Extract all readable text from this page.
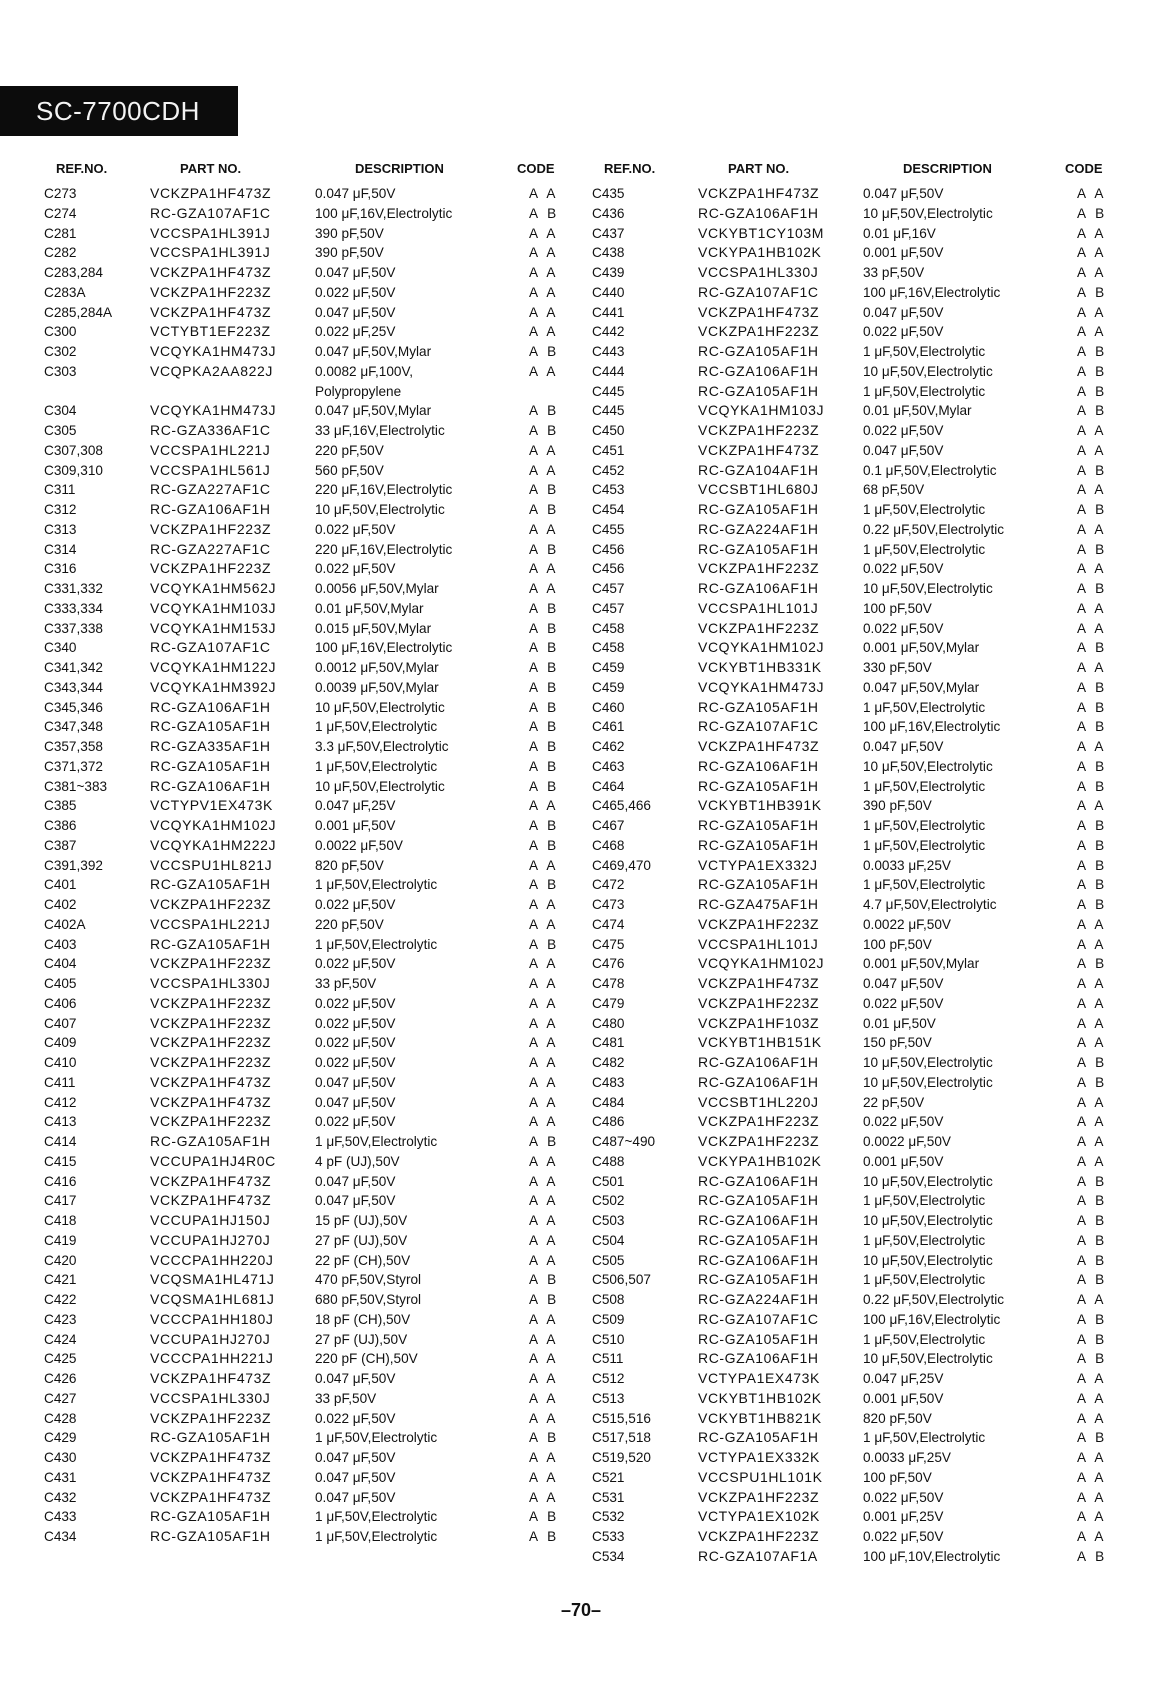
SC-7700CDH
REF.NO.	PART NO.	DESCRIPTION	CODE
C273	VCKZPA1HF473Z	0.047 μF,50V	A A
C274	RC-GZA107AF1C	100 μF,16V,Electrolytic	A B
C281	VCCSPA1HL391J	390 pF,50V	A A
C282	VCCSPA1HL391J	390 pF,50V	A A
C283,284	VCKZPA1HF473Z	0.047 μF,50V	A A
C283A	VCKZPA1HF223Z	0.022 μF,50V	A A
C285,284A	VCKZPA1HF473Z	0.047 μF,50V	A A
C300	VCTYBT1EF223Z	0.022 μF,25V	A A
C302	VCQYKA1HM473J	0.047 μF,50V,Mylar	A B
C303	VCQPKA2AA822J	0.0082 μF,100V,	A A
Polypropylene
C304	VCQYKA1HM473J	0.047 μF,50V,Mylar	A B
C305	RC-GZA336AF1C	33 μF,16V,Electrolytic	A B
C307,308	VCCSPA1HL221J	220 pF,50V	A A
C309,310	VCCSPA1HL561J	560 pF,50V	A A
C311	RC-GZA227AF1C	220 μF,16V,Electrolytic	A B
C312	RC-GZA106AF1H	10 μF,50V,Electrolytic	A B
C313	VCKZPA1HF223Z	0.022 μF,50V	A A
C314	RC-GZA227AF1C	220 μF,16V,Electrolytic	A B
C316	VCKZPA1HF223Z	0.022 μF,50V	A A
C331,332	VCQYKA1HM562J	0.0056 μF,50V,Mylar	A A
C333,334	VCQYKA1HM103J	0.01 μF,50V,Mylar	A B
C337,338	VCQYKA1HM153J	0.015 μF,50V,Mylar	A B
C340	RC-GZA107AF1C	100 μF,16V,Electrolytic	A B
C341,342	VCQYKA1HM122J	0.0012 μF,50V,Mylar	A B
C343,344	VCQYKA1HM392J	0.0039 μF,50V,Mylar	A B
C345,346	RC-GZA106AF1H	10 μF,50V,Electrolytic	A B
C347,348	RC-GZA105AF1H	1 μF,50V,Electrolytic	A B
C357,358	RC-GZA335AF1H	3.3 μF,50V,Electrolytic	A B
C371,372	RC-GZA105AF1H	1 μF,50V,Electrolytic	A B
C381~383	RC-GZA106AF1H	10 μF,50V,Electrolytic	A B
C385	VCTYPV1EX473K	0.047 μF,25V	A A
C386	VCQYKA1HM102J	0.001 μF,50V	A B
C387	VCQYKA1HM222J	0.0022 μF,50V	A B
C391,392	VCCSPU1HL821J	820 pF,50V	A A
C401	RC-GZA105AF1H	1 μF,50V,Electrolytic	A B
C402	VCKZPA1HF223Z	0.022 μF,50V	A A
C402A	VCCSPA1HL221J	220 pF,50V	A A
C403	RC-GZA105AF1H	1 μF,50V,Electrolytic	A B
C404	VCKZPA1HF223Z	0.022 μF,50V	A A
C405	VCCSPA1HL330J	33 pF,50V	A A
C406	VCKZPA1HF223Z	0.022 μF,50V	A A
C407	VCKZPA1HF223Z	0.022 μF,50V	A A
C409	VCKZPA1HF223Z	0.022 μF,50V	A A
C410	VCKZPA1HF223Z	0.022 μF,50V	A A
C411	VCKZPA1HF473Z	0.047 μF,50V	A A
C412	VCKZPA1HF473Z	0.047 μF,50V	A A
C413	VCKZPA1HF223Z	0.022 μF,50V	A A
C414	RC-GZA105AF1H	1 μF,50V,Electrolytic	A B
C415	VCCUPA1HJ4R0C	4 pF (UJ),50V	A A
C416	VCKZPA1HF473Z	0.047 μF,50V	A A
C417	VCKZPA1HF473Z	0.047 μF,50V	A A
C418	VCCUPA1HJ150J	15 pF (UJ),50V	A A
C419	VCCUPA1HJ270J	27 pF (UJ),50V	A A
C420	VCCCPA1HH220J	22 pF (CH),50V	A A
C421	VCQSMA1HL471J	470 pF,50V,Styrol	A B
C422	VCQSMA1HL681J	680 pF,50V,Styrol	A B
C423	VCCCPA1HH180J	18 pF (CH),50V	A A
C424	VCCUPA1HJ270J	27 pF (UJ),50V	A A
C425	VCCCPA1HH221J	220 pF (CH),50V	A A
C426	VCKZPA1HF473Z	0.047 μF,50V	A A
C427	VCCSPA1HL330J	33 pF,50V	A A
C428	VCKZPA1HF223Z	0.022 μF,50V	A A
C429	RC-GZA105AF1H	1 μF,50V,Electrolytic	A B
C430	VCKZPA1HF473Z	0.047 μF,50V	A A
C431	VCKZPA1HF473Z	0.047 μF,50V	A A
C432	VCKZPA1HF473Z	0.047 μF,50V	A A
C433	RC-GZA105AF1H	1 μF,50V,Electrolytic	A B
C434	RC-GZA105AF1H	1 μF,50V,Electrolytic	A B
REF.NO.	PART NO.	DESCRIPTION	CODE
C435	VCKZPA1HF473Z	0.047 μF,50V	A A
C436	RC-GZA106AF1H	10 μF,50V,Electrolytic	A B
C437	VCKYBT1CY103M	0.01 μF,16V	A A
C438	VCKYPA1HB102K	0.001 μF,50V	A A
C439	VCCSPA1HL330J	33 pF,50V	A A
C440	RC-GZA107AF1C	100 μF,16V,Electrolytic	A B
C441	VCKZPA1HF473Z	0.047 μF,50V	A A
C442	VCKZPA1HF223Z	0.022 μF,50V	A A
C443	RC-GZA105AF1H	1 μF,50V,Electrolytic	A B
C444	RC-GZA106AF1H	10 μF,50V,Electrolytic	A B
C445	RC-GZA105AF1H	1 μF,50V,Electrolytic	A B
C445	VCQYKA1HM103J	0.01 μF,50V,Mylar	A B
C450	VCKZPA1HF223Z	0.022 μF,50V	A A
C451	VCKZPA1HF473Z	0.047 μF,50V	A A
C452	RC-GZA104AF1H	0.1 μF,50V,Electrolytic	A B
C453	VCCSBT1HL680J	68 pF,50V	A A
C454	RC-GZA105AF1H	1 μF,50V,Electrolytic	A B
C455	RC-GZA224AF1H	0.22 μF,50V,Electrolytic	A A
C456	RC-GZA105AF1H	1 μF,50V,Electrolytic	A B
C456	VCKZPA1HF223Z	0.022 μF,50V	A A
C457	RC-GZA106AF1H	10 μF,50V,Electrolytic	A B
C457	VCCSPA1HL101J	100 pF,50V	A A
C458	VCKZPA1HF223Z	0.022 μF,50V	A A
C458	VCQYKA1HM102J	0.001 μF,50V,Mylar	A B
C459	VCKYBT1HB331K	330 pF,50V	A A
C459	VCQYKA1HM473J	0.047 μF,50V,Mylar	A B
C460	RC-GZA105AF1H	1 μF,50V,Electrolytic	A B
C461	RC-GZA107AF1C	100 μF,16V,Electrolytic	A B
C462	VCKZPA1HF473Z	0.047 μF,50V	A A
C463	RC-GZA106AF1H	10 μF,50V,Electrolytic	A B
C464	RC-GZA105AF1H	1 μF,50V,Electrolytic	A B
C465,466	VCKYBT1HB391K	390 pF,50V	A A
C467	RC-GZA105AF1H	1 μF,50V,Electrolytic	A B
C468	RC-GZA105AF1H	1 μF,50V,Electrolytic	A B
C469,470	VCTYPA1EX332J	0.0033 μF,25V	A B
C472	RC-GZA105AF1H	1 μF,50V,Electrolytic	A B
C473	RC-GZA475AF1H	4.7 μF,50V,Electrolytic	A B
C474	VCKZPA1HF223Z	0.0022 μF,50V	A A
C475	VCCSPA1HL101J	100 pF,50V	A A
C476	VCQYKA1HM102J	0.001 μF,50V,Mylar	A B
C478	VCKZPA1HF473Z	0.047 μF,50V	A A
C479	VCKZPA1HF223Z	0.022 μF,50V	A A
C480	VCKZPA1HF103Z	0.01 μF,50V	A A
C481	VCKYBT1HB151K	150 pF,50V	A A
C482	RC-GZA106AF1H	10 μF,50V,Electrolytic	A B
C483	RC-GZA106AF1H	10 μF,50V,Electrolytic	A B
C484	VCCSBT1HL220J	22 pF,50V	A A
C486	VCKZPA1HF223Z	0.022 μF,50V	A A
C487~490	VCKZPA1HF223Z	0.0022 μF,50V	A A
C488	VCKYPA1HB102K	0.001 μF,50V	A A
C501	RC-GZA106AF1H	10 μF,50V,Electrolytic	A B
C502	RC-GZA105AF1H	1 μF,50V,Electrolytic	A B
C503	RC-GZA106AF1H	10 μF,50V,Electrolytic	A B
C504	RC-GZA105AF1H	1 μF,50V,Electrolytic	A B
C505	RC-GZA106AF1H	10 μF,50V,Electrolytic	A B
C506,507	RC-GZA105AF1H	1 μF,50V,Electrolytic	A B
C508	RC-GZA224AF1H	0.22 μF,50V,Electrolytic	A A
C509	RC-GZA107AF1C	100 μF,16V,Electrolytic	A B
C510	RC-GZA105AF1H	1 μF,50V,Electrolytic	A B
C511	RC-GZA106AF1H	10 μF,50V,Electrolytic	A B
C512	VCTYPA1EX473K	0.047 μF,25V	A A
C513	VCKYBT1HB102K	0.001 μF,50V	A A
C515,516	VCKYBT1HB821K	820 pF,50V	A A
C517,518	RC-GZA105AF1H	1 μF,50V,Electrolytic	A B
C519,520	VCTYPA1EX332K	0.0033 μF,25V	A A
C521	VCCSPU1HL101K	100 pF,50V	A A
C531	VCKZPA1HF223Z	0.022 μF,50V	A A
C532	VCTYPA1EX102K	0.001 μF,25V	A A
C533	VCKZPA1HF223Z	0.022 μF,50V	A A
C534	RC-GZA107AF1A	100 μF,10V,Electrolytic	A B
–70–
